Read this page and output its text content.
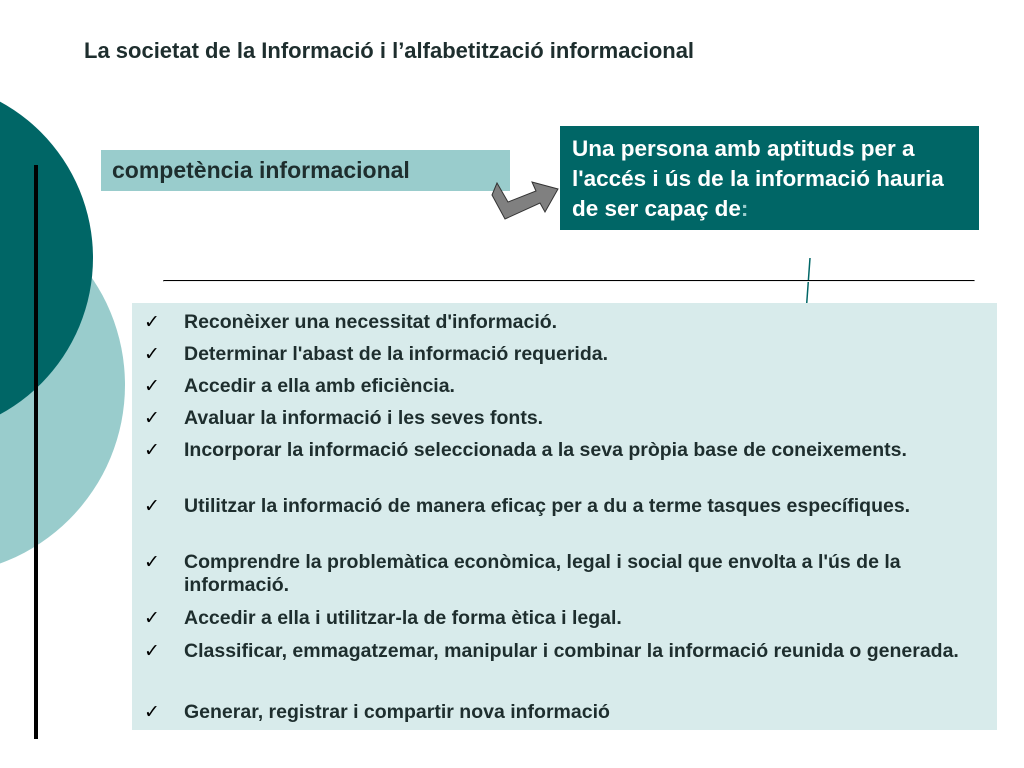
La societat de la Informació i l’alfabetització informacional
competència informacional
Una persona amb aptituds per a l'accés i ús de la informació hauria de ser capaç de:
✓ Reconèixer una necessitat d'informació.
✓ Determinar l'abast de la informació requerida.
✓ Accedir a ella amb eficiència.
✓ Avaluar la informació i les seves fonts.
✓ Incorporar la informació seleccionada a la seva pròpia base de coneixements.
✓ Utilitzar la informació de manera eficaç per a du a terme tasques específiques.
✓ Comprendre la problemàtica econòmica, legal i social que envolta a l'ús de la informació.
✓ Accedir a ella i utilitzar-la de forma ètica i legal.
✓ Classificar, emmagatzemar, manipular i combinar la informació reunida o generada.
✓ Generar, registrar i compartir nova informació
